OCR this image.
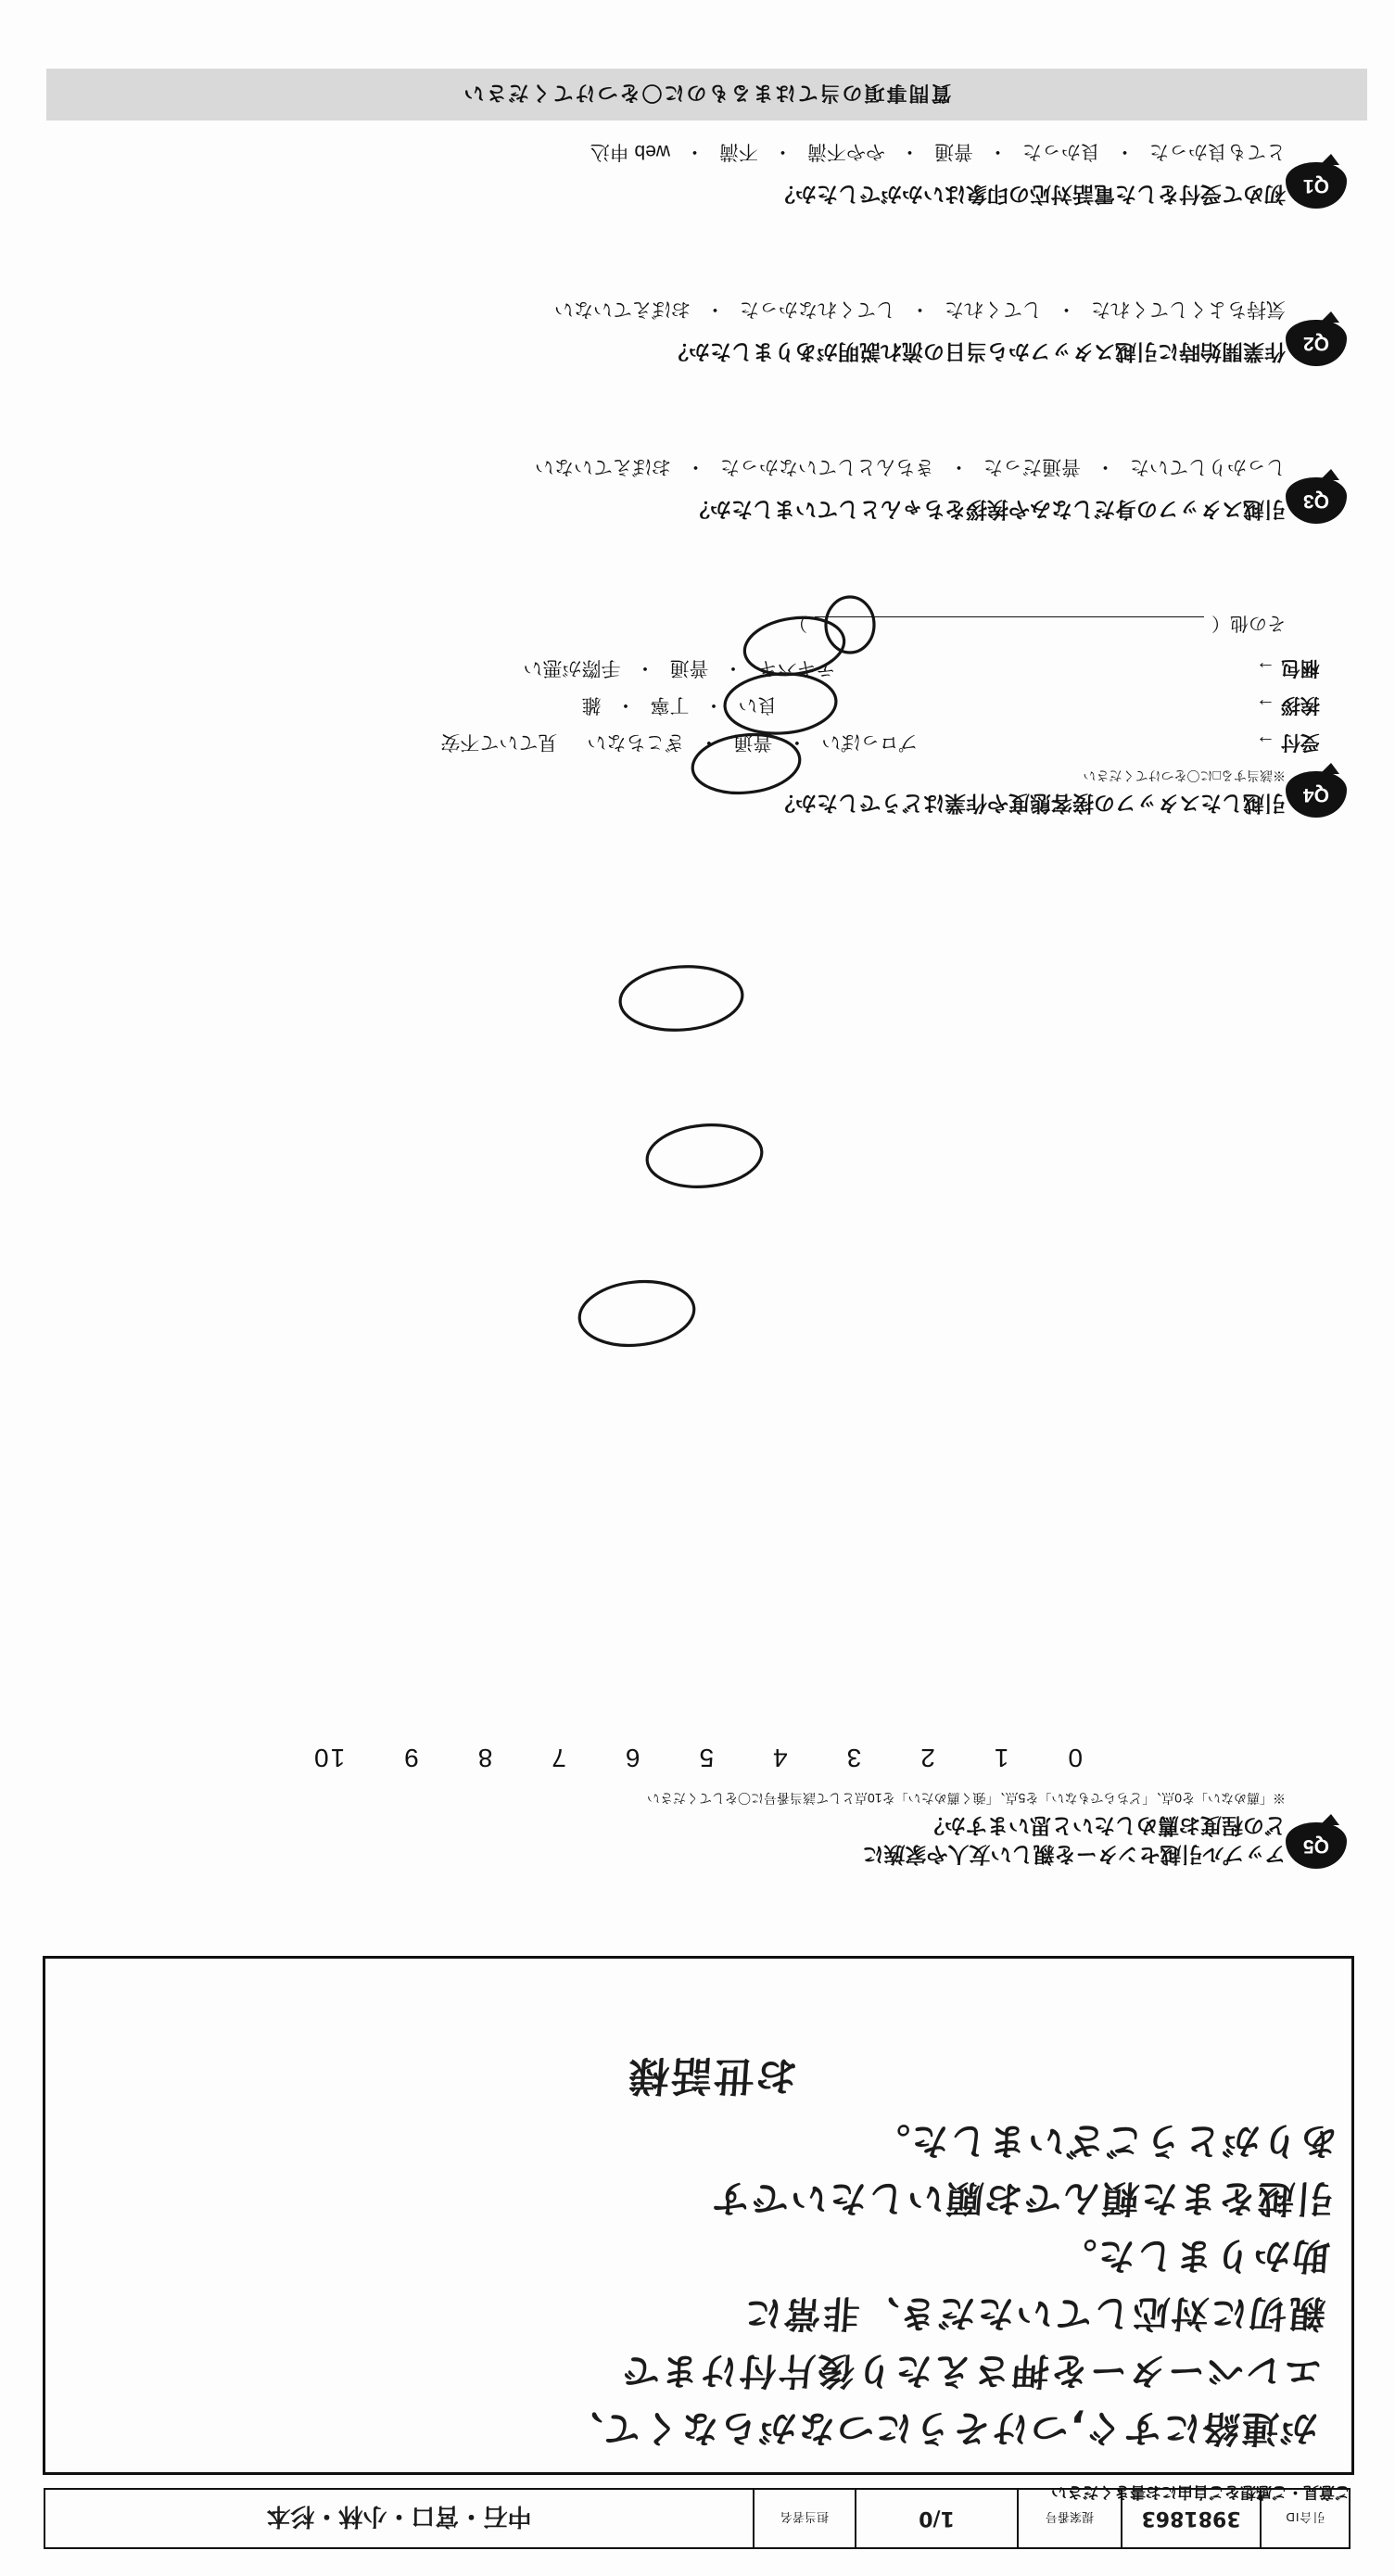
引合ID
3981863
提案番号
1/0
担当者名
中石・宮口・小林・杉本
質問事項の当てはまるものに〇をつけてください
Q1
初めて受付をした電話対応の印象はいかがでしたか？
とても良かった
・
良かった
・
普通
・
やや不満
・
不満
・
web 申込
Q2
作業開始時に引越スタッフから当日の流れ説明がありましたか？
気持ちよくしてくれた
・
してくれた
・
してくれなかった
・
おぼえていない
Q3
引越スタッフの身だしなみや挨拶をちゃんとしていましたか？
しっかりしていた
・
普通だった
・
きちんとしていなかった
・
おぼえていない
Q4
引越したスタッフの接客態度や作業はどうでしたか？
※該当する□に〇をつけてください
受付 →
プロっぽい
・
普通
・
ぎこちない
見ていて不安
挨拶 →
良い
・
丁寧
・
雑
梱包 →
テキパキ
・
普通
・
手際が悪い
その他（
）
Q5
アップル引越センターを親しい友人や家族に
どの程度お薦めしたいと思いますか？
※「薦めない」を0点、「どちらでもない」を5点、「強く薦めたい」を10点として該当番号に〇をしてください
0
1
2
3
4
5
6
7
8
9
10
ご意見・ご感想をご自由にお書きください
が連絡にすぐ,つけそうにつながらなくて、
エレベーターを押さえたり後片付けまで
親切に対応していただき、非常に
助かりました。
引越をまた頼んでお願いしたいです
ありがとうございました。
お世話様
